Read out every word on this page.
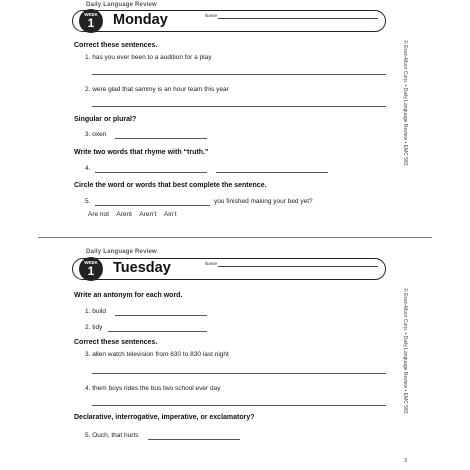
Daily Language Review
WEEK
1	Monday	Name
Correct these sentences.
1. has you ever been to a audition for a play
2. were glad that sammy is an hour team this year
Singular or plural?
3. oxen
Write two words that rhyme with “truth.”
4.
Circle the word or words that best complete the sentence.
5.	you finished making your bed yet?
Are not Arent Aren’t Ain’t
© Evan-Moor Corp. • Daily Language Review • EMC 583
Daily Language Review
WEEK
1	Tuesday	Name
Write an antonym for each word.
1. build
2. tidy
Correct these sentences.
3. allen watch television from 630 to 830 last night
4. them boys rides the bus two school ever day
Declarative, interrogative, imperative, or exclamatory?
5. Ouch, that hurts
© Evan-Moor Corp. • Daily Language Review • EMC 583
3
